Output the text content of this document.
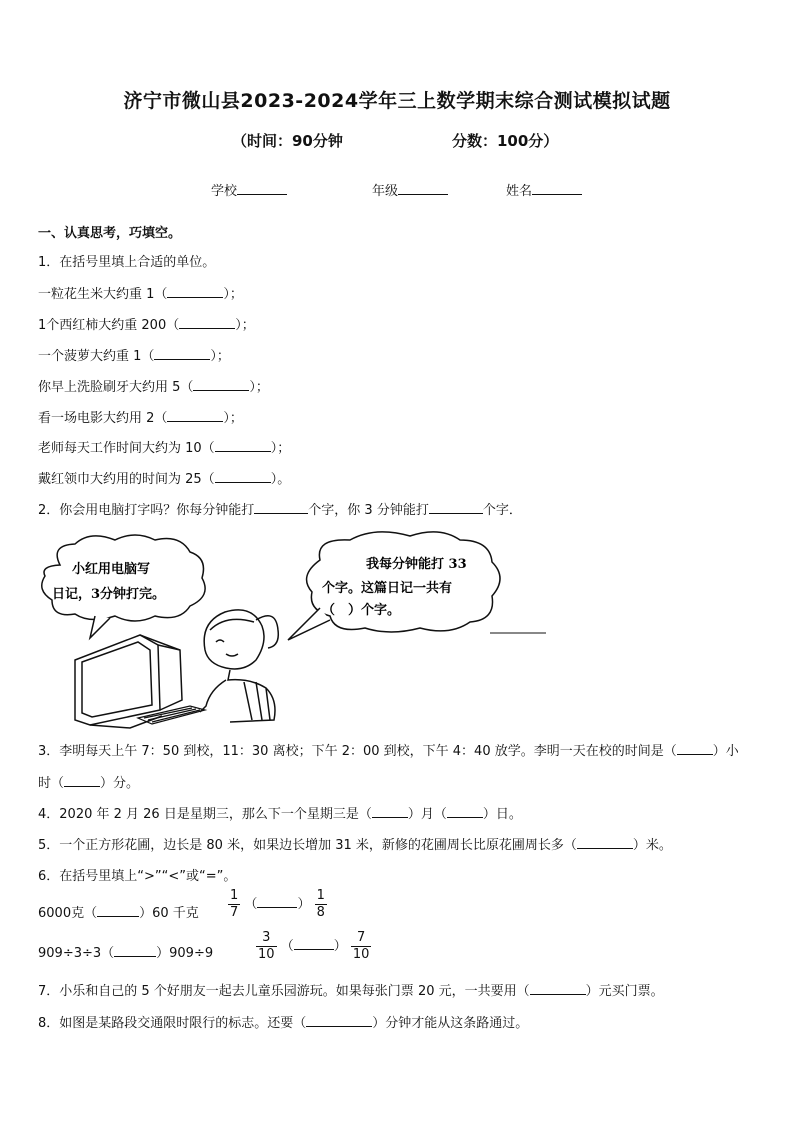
济宁市微山县2023-2024学年三上数学期末综合测试模拟试题
（时间：90分钟	分数：100分）
学校	年级	姓名
一、认真思考，巧填空。
1．在括号里填上合适的单位。
一粒花生米大约重 1（	）；
1个西红柿大约重 200（	）；
一个菠萝大约重 1（	）；
你早上洗脸刷牙大约用 5（	）；
看一场电影大约用 2（	）；
老师每天工作时间大约为 10（	）；
戴红领巾大约用的时间为 25（	）。
2．你会用电脑打字吗？你每分钟能打	个字，你 3 分钟能打	个字．
小红用电脑写
日记，3分钟打完。
我每分钟能打 33
个字。这篇日记一共有
（　）个字。
3．李明每天上午 7：50 到校，11：30 离校；下午 2：00 到校，下午 4：40 放学。李明一天在校的时间是（	）小
时（	）分。
4．2020 年 2 月 26 日是星期三，那么下一个星期三是（	）月（	）日。
5．一个正方形花圃，边长是 80 米，如果边长增加 31 米，新修的花圃周长比原花圃周长多（	）米。
6．在括号里填上“>”“<”或“=”。
6000克（	）60 千克 $\frac{1}{7}$ （	） $\frac{1}{8}$
909÷3÷3（	）909÷9	$\frac{3}{10}$ （	） $\frac{7}{10}$
7．小乐和自己的 5 个好朋友一起去儿童乐园游玩。如果每张门票 20 元，一共要用（	）元买门票。
8．如图是某路段交通限时限行的标志。还要（	）分钟才能从这条路通过。
